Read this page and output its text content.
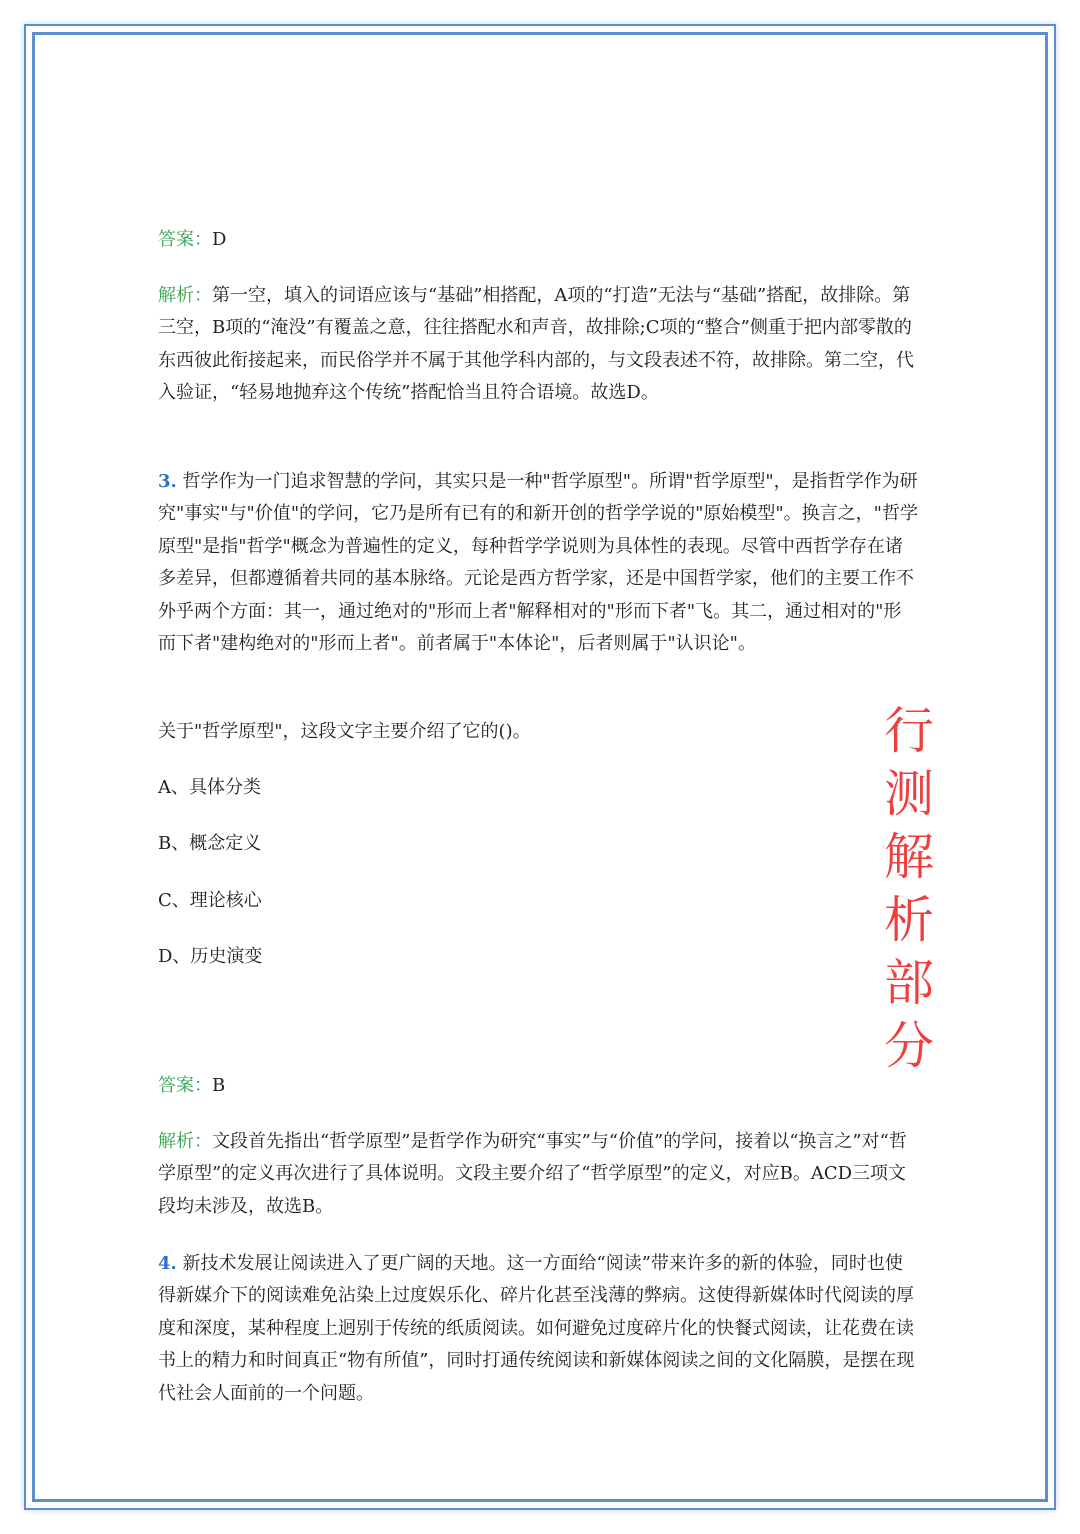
答案：D
解析：第一空，填入的词语应该与“基础”相搭配，A项的“打造”无法与“基础”搭配，故排除。第三空，B项的“淹没”有覆盖之意，往往搭配水和声音，故排除;C项的“整合”侧重于把内部零散的东西彼此衔接起来，而民俗学并不属于其他学科内部的，与文段表述不符，故排除。第二空，代入验证，“轻易地抛弃这个传统”搭配恰当且符合语境。故选D。
3. 哲学作为一门追求智慧的学问，其实只是一种"哲学原型"。所谓"哲学原型"，是指哲学作为研究"事实"与"价值"的学问，它乃是所有已有的和新开创的哲学学说的"原始模型"。换言之，"哲学原型"是指"哲学"概念为普遍性的定义，每种哲学学说则为具体性的表现。尽管中西哲学存在诸多差异，但都遵循着共同的基本脉络。元论是西方哲学家，还是中国哲学家，他们的主要工作不外乎两个方面：其一，通过绝对的"形而上者"解释相对的"形而下者"飞。其二，通过相对的"形而下者"建构绝对的"形而上者"。前者属于"本体论"，后者则属于"认识论"。
关于"哲学原型"，这段文字主要介绍了它的()。
A、具体分类
B、概念定义
C、理论核心
D、历史演变
答案：B
解析：文段首先指出“哲学原型”是哲学作为研究“事实”与“价值”的学问，接着以“换言之”对“哲学原型”的定义再次进行了具体说明。文段主要介绍了“哲学原型”的定义，对应B。ACD三项文段均未涉及，故选B。
4. 新技术发展让阅读进入了更广阔的天地。这一方面给“阅读”带来许多的新的体验，同时也使得新媒介下的阅读难免沾染上过度娱乐化、碎片化甚至浅薄的弊病。这使得新媒体时代阅读的厚度和深度，某种程度上迥别于传统的纸质阅读。如何避免过度碎片化的快餐式阅读，让花费在读书上的精力和时间真正“物有所值”，同时打通传统阅读和新媒体阅读之间的文化隔膜，是摆在现代社会人面前的一个问题。
行
测
解
析
部
分
